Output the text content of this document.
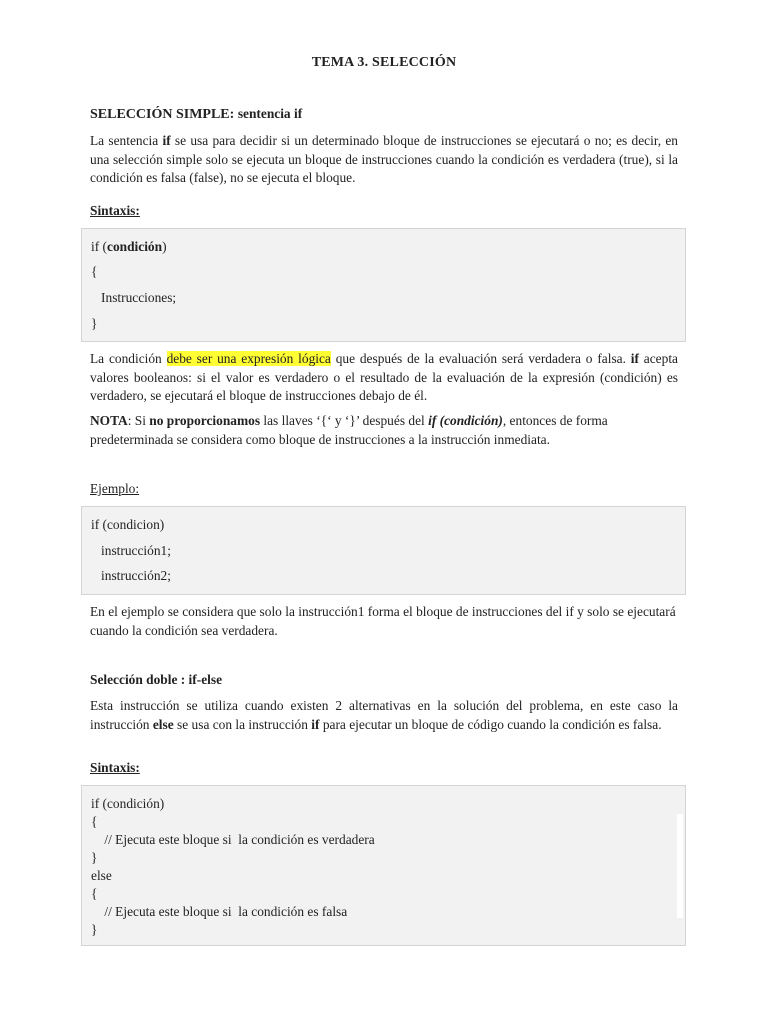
TEMA 3. SELECCIÓN
SELECCIÓN SIMPLE: sentencia if
La sentencia if se usa para decidir si un determinado bloque de instrucciones se ejecutará o no; es decir, en una selección simple solo se ejecuta un bloque de instrucciones cuando la condición es verdadera (true), si la condición es falsa (false), no se ejecuta el bloque.
Sintaxis:
if (condición)
{
Instrucciones;
}
La condición debe ser una expresión lógica que después de la evaluación será verdadera o falsa. if acepta valores booleanos: si el valor es verdadero o el resultado de la evaluación de la expresión (condición) es verdadero, se ejecutará el bloque de instrucciones debajo de él.
NOTA: Si no proporcionamos las llaves ‘{‘ y ‘}’ después del if (condición), entonces de forma predeterminada se considera como bloque de instrucciones a la instrucción inmediata.
Ejemplo:
if (condicion)
instrucción1;
instrucción2;
En el ejemplo se considera que solo la instrucción1 forma el bloque de instrucciones del if y solo se ejecutará cuando la condición sea verdadera.
Selección doble : if-else
Esta instrucción se utiliza cuando existen 2 alternativas en la solución del problema, en este caso la instrucción else se usa con la instrucción if para ejecutar un bloque de código cuando la condición es falsa.
Sintaxis:
if (condición)
{
// Ejecuta este bloque si  la condición es verdadera
}
else
{
// Ejecuta este bloque si  la condición es falsa
}
